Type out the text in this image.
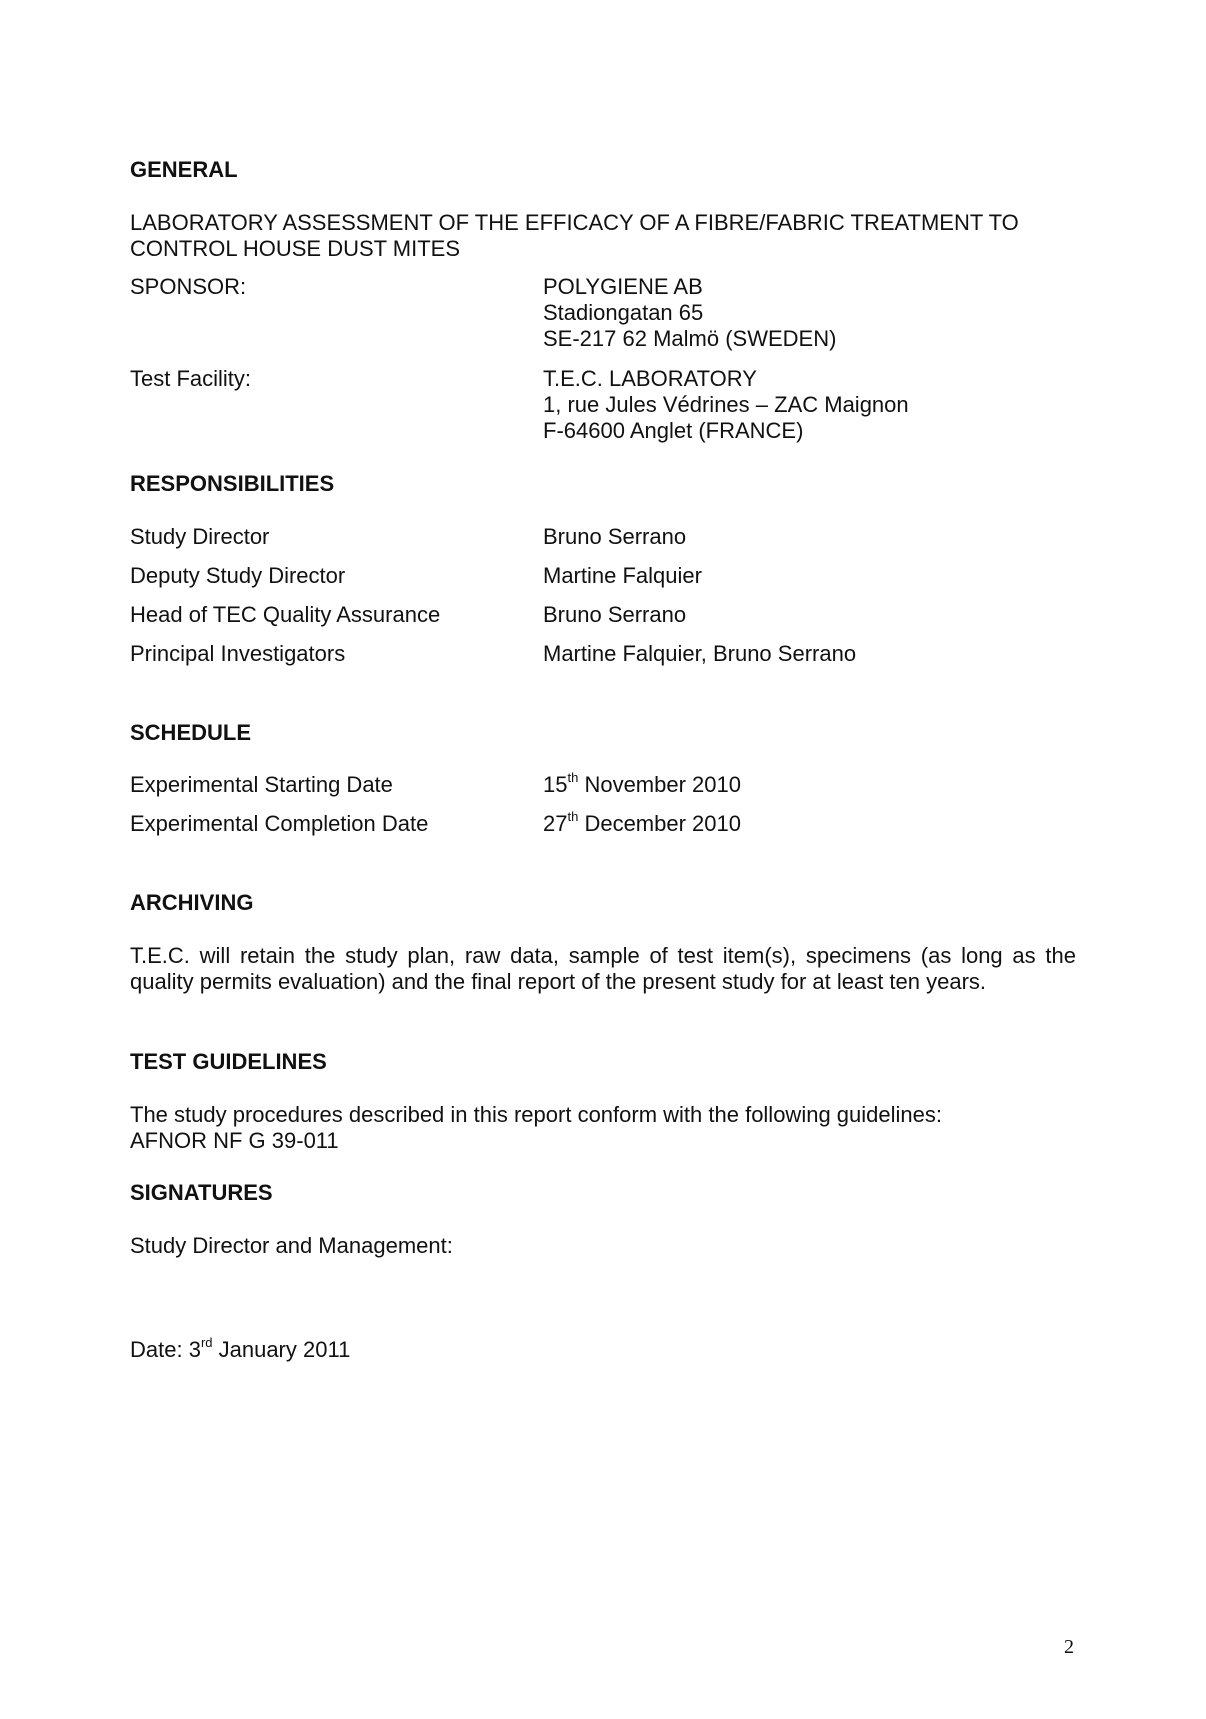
GENERAL
LABORATORY ASSESSMENT OF THE EFFICACY OF A FIBRE/FABRIC TREATMENT TO
CONTROL HOUSE DUST MITES
SPONSOR:	POLYGIENE AB
Stadiongatan 65
SE-217 62 Malmö (SWEDEN)
Test Facility:	T.E.C. LABORATORY
1, rue Jules Védrines – ZAC Maignon
F-64600 Anglet (FRANCE)
RESPONSIBILITIES
Study Director	Bruno Serrano
Deputy Study Director	Martine Falquier
Head of TEC Quality Assurance	Bruno Serrano
Principal Investigators	Martine Falquier, Bruno Serrano
SCHEDULE
Experimental Starting Date	15th November 2010
Experimental Completion Date	27th December 2010
ARCHIVING
T.E.C. will retain the study plan, raw data, sample of test item(s), specimens (as long as the
quality permits evaluation) and the final report of the present study for at least ten years.
TEST GUIDELINES
The study procedures described in this report conform with the following guidelines:
AFNOR NF G 39-011
SIGNATURES
Study Director and Management:
Date: 3rd January 2011
2
